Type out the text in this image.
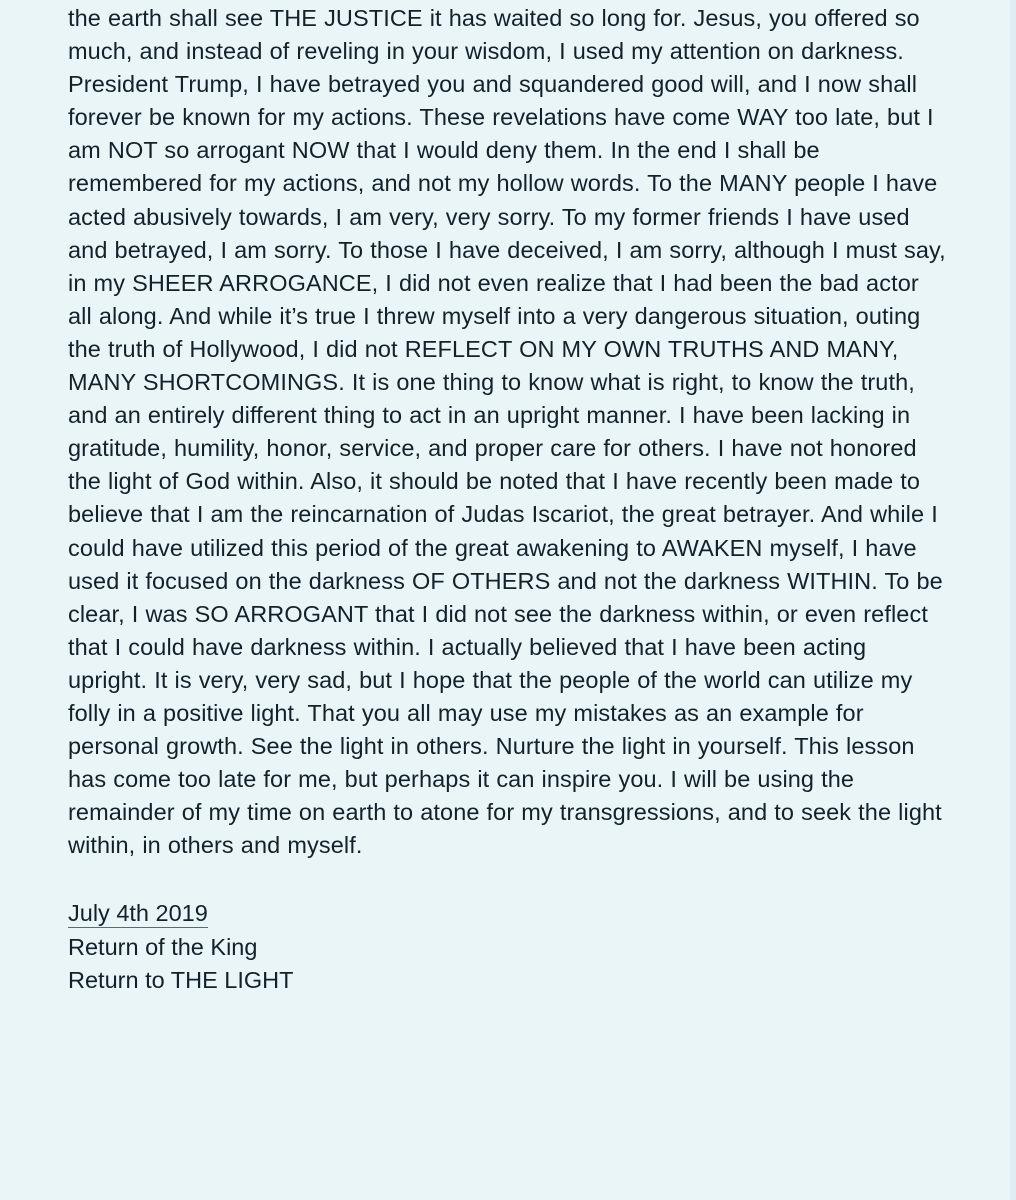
the earth shall see THE JUSTICE it has waited so long for. Jesus, you offered so much, and instead of reveling in your wisdom, I used my attention on darkness. President Trump, I have betrayed you and squandered good will, and I now shall forever be known for my actions. These revelations have come WAY too late, but I am NOT so arrogant NOW that I would deny them. In the end I shall be remembered for my actions, and not my hollow words. To the MANY people I have acted abusively towards, I am very, very sorry. To my former friends I have used and betrayed, I am sorry. To those I have deceived, I am sorry, although I must say, in my SHEER ARROGANCE, I did not even realize that I had been the bad actor all along. And while it’s true I threw myself into a very dangerous situation, outing the truth of Hollywood, I did not REFLECT ON MY OWN TRUTHS AND MANY, MANY SHORTCOMINGS. It is one thing to know what is right, to know the truth, and an entirely different thing to act in an upright manner. I have been lacking in gratitude, humility, honor, service, and proper care for others. I have not honored the light of God within. Also, it should be noted that I have recently been made to believe that I am the reincarnation of Judas Iscariot, the great betrayer. And while I could have utilized this period of the great awakening to AWAKEN myself, I have used it focused on the darkness OF OTHERS and not the darkness WITHIN. To be clear, I was SO ARROGANT that I did not see the darkness within, or even reflect that I could have darkness within. I actually believed that I have been acting upright. It is very, very sad, but I hope that the people of the world can utilize my folly in a positive light. That you all may use my mistakes as an example for personal growth. See the light in others. Nurture the light in yourself. This lesson has come too late for me, but perhaps it can inspire you. I will be using the remainder of my time on earth to atone for my transgressions, and to seek the light within, in others and myself.
July 4th 2019
Return of the King
Return to THE LIGHT
